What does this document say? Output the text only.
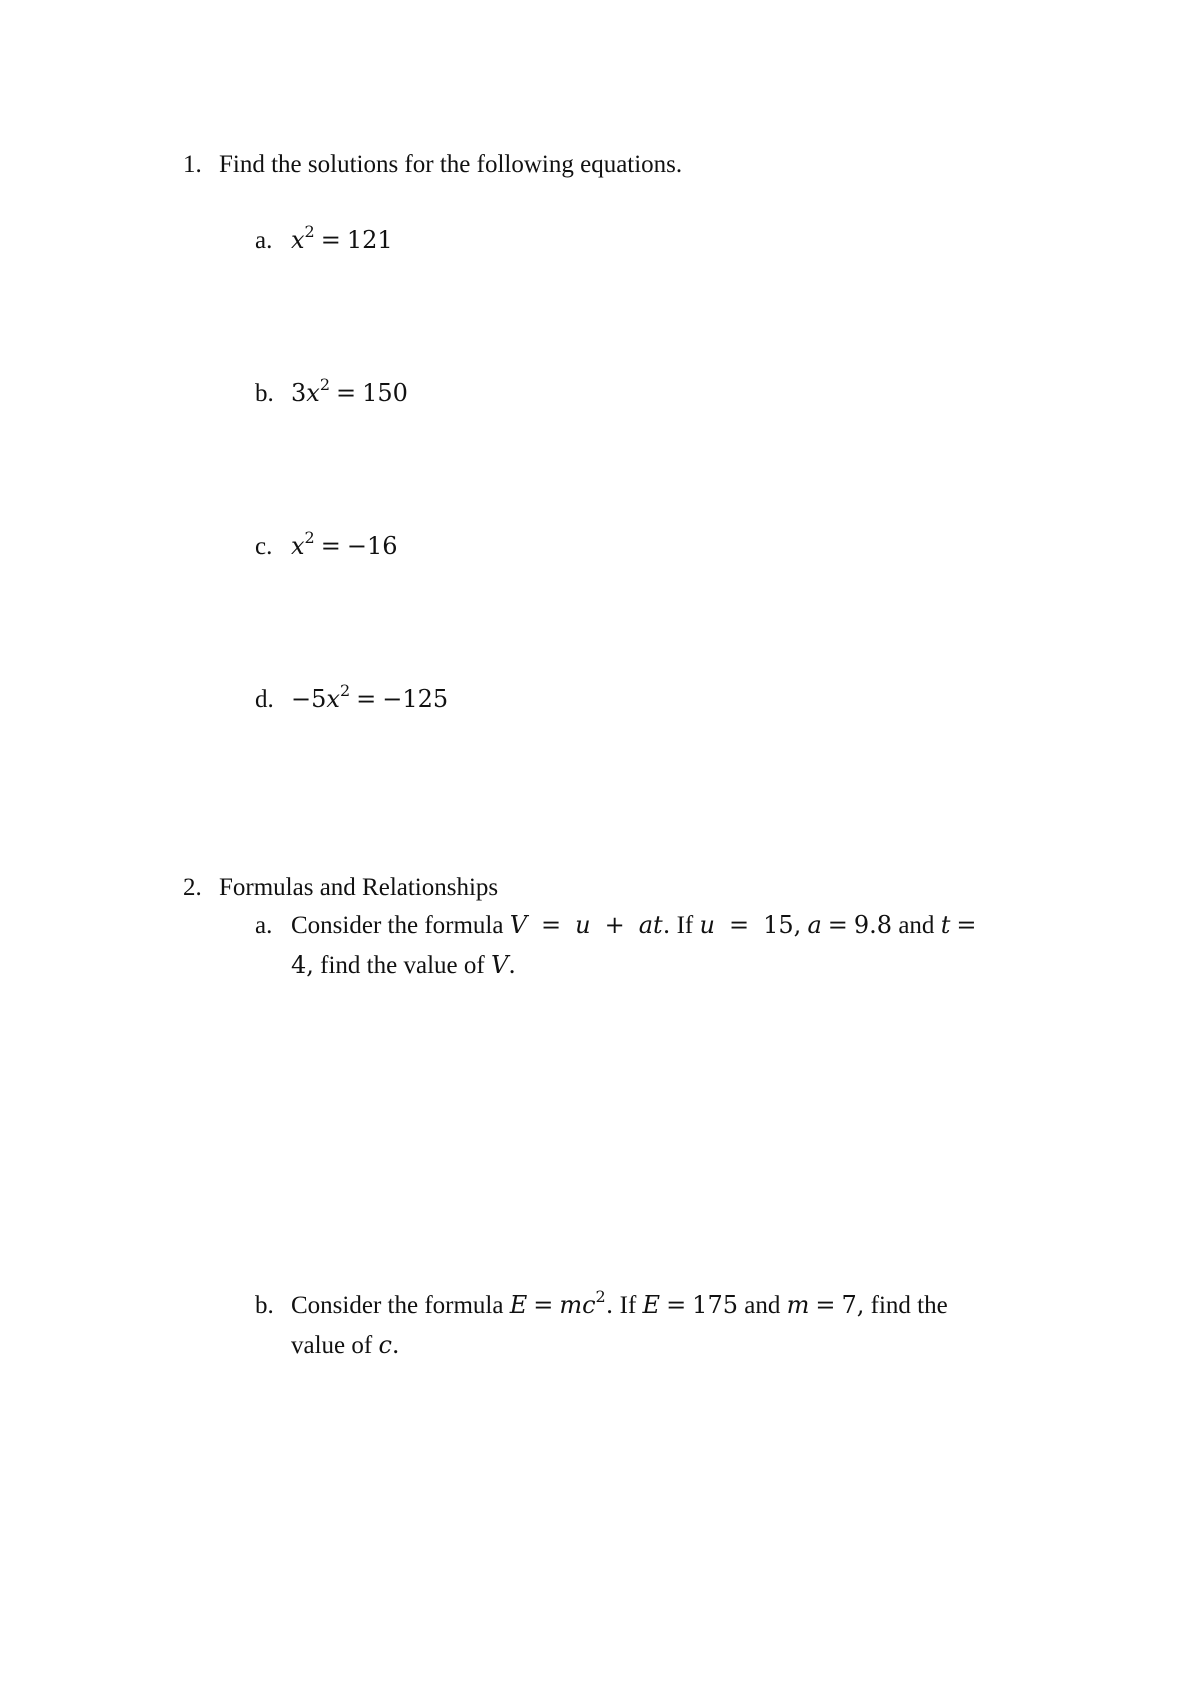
1. Find the solutions for the following equations.
a. $x^2 = 121$
b. $3x^2 = 150$
c. $x^2 = -16$
d. $-5x^2 = -125$
2. Formulas and Relationships
a. Consider the formula V = u + at. If u = 15, a = 9.8 and t =
4, find the value of V.
b. Consider the formula $E = mc^2$. If E = 175 and m = 7, find the
value of c.
